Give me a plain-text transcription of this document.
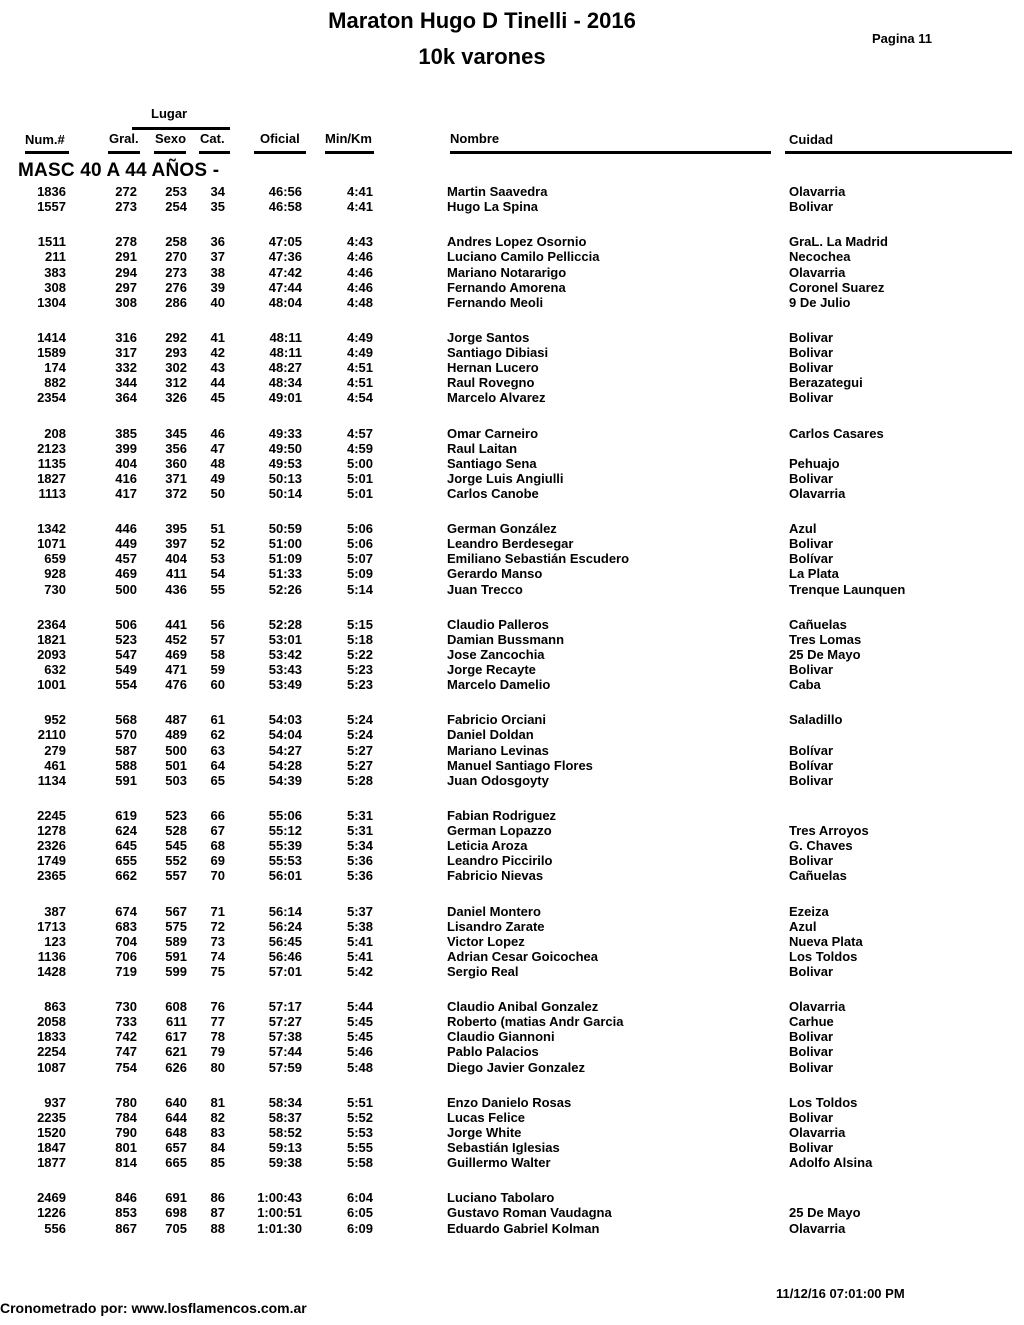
Maraton Hugo D Tinelli - 2016
10k varones
Pagina 11
Lugar
Num.#	Gral. Sexo Cat.	Oficial Min/Km	Nombre	Cuidad
MASC 40 A 44 AÑOS -
1836	272	253	34	46:56	4:41	Martin Saavedra	Olavarria
1557	273	254	35	46:58	4:41	Hugo La Spina	Bolivar
1511	278	258	36	47:05	4:43	Andres Lopez Osornio	GraL. La Madrid
211	291	270	37	47:36	4:46	Luciano Camilo Pelliccia	Necochea
383	294	273	38	47:42	4:46	Mariano Notararigo	Olavarria
308	297	276	39	47:44	4:46	Fernando Amorena	Coronel Suarez
1304	308	286	40	48:04	4:48	Fernando Meoli	9 De Julio
1414	316	292	41	48:11	4:49	Jorge Santos	Bolivar
1589	317	293	42	48:11	4:49	Santiago Dibiasi	Bolivar
174	332	302	43	48:27	4:51	Hernan Lucero	Bolivar
882	344	312	44	48:34	4:51	Raul Rovegno	Berazategui
2354	364	326	45	49:01	4:54	Marcelo Alvarez	Bolivar
208	385	345	46	49:33	4:57	Omar Carneiro	Carlos Casares
2123	399	356	47	49:50	4:59	Raul Laitan
1135	404	360	48	49:53	5:00	Santiago Sena	Pehuajo
1827	416	371	49	50:13	5:01	Jorge Luis Angiulli	Bolivar
1113	417	372	50	50:14	5:01	Carlos Canobe	Olavarria
1342	446	395	51	50:59	5:06	German González	Azul
1071	449	397	52	51:00	5:06	Leandro Berdesegar	Bolivar
659	457	404	53	51:09	5:07	Emiliano Sebastián Escudero	Bolívar
928	469	411	54	51:33	5:09	Gerardo Manso	La Plata
730	500	436	55	52:26	5:14	Juan Trecco	Trenque Launquen
2364	506	441	56	52:28	5:15	Claudio Palleros	Cañuelas
1821	523	452	57	53:01	5:18	Damian Bussmann	Tres Lomas
2093	547	469	58	53:42	5:22	Jose Zancochia	25 De Mayo
632	549	471	59	53:43	5:23	Jorge Recayte	Bolivar
1001	554	476	60	53:49	5:23	Marcelo Damelio	Caba
952	568	487	61	54:03	5:24	Fabricio Orciani	Saladillo
2110	570	489	62	54:04	5:24	Daniel Doldan
279	587	500	63	54:27	5:27	Mariano Levinas	Bolívar
461	588	501	64	54:28	5:27	Manuel Santiago Flores	Bolívar
1134	591	503	65	54:39	5:28	Juan Odosgoyty	Bolivar
2245	619	523	66	55:06	5:31	Fabian Rodriguez
1278	624	528	67	55:12	5:31	German Lopazzo	Tres Arroyos
2326	645	545	68	55:39	5:34	Leticia Aroza	G. Chaves
1749	655	552	69	55:53	5:36	Leandro Piccirilo	Bolivar
2365	662	557	70	56:01	5:36	Fabricio Nievas	Cañuelas
387	674	567	71	56:14	5:37	Daniel Montero	Ezeiza
1713	683	575	72	56:24	5:38	Lisandro Zarate	Azul
123	704	589	73	56:45	5:41	Victor Lopez	Nueva Plata
1136	706	591	74	56:46	5:41	Adrian Cesar Goicochea	Los Toldos
1428	719	599	75	57:01	5:42	Sergio Real	Bolivar
863	730	608	76	57:17	5:44	Claudio Anibal Gonzalez	Olavarria
2058	733	611	77	57:27	5:45	Roberto (matias Andr Garcia	Carhue
1833	742	617	78	57:38	5:45	Claudio Giannoni	Bolivar
2254	747	621	79	57:44	5:46	Pablo Palacios	Bolivar
1087	754	626	80	57:59	5:48	Diego Javier Gonzalez	Bolivar
937	780	640	81	58:34	5:51	Enzo Danielo Rosas	Los Toldos
2235	784	644	82	58:37	5:52	Lucas Felice	Bolivar
1520	790	648	83	58:52	5:53	Jorge White	Olavarria
1847	801	657	84	59:13	5:55	Sebastián Iglesias	Bolivar
1877	814	665	85	59:38	5:58	Guillermo Walter	Adolfo Alsina
2469	846	691	86	1:00:43	6:04	Luciano Tabolaro
1226	853	698	87	1:00:51	6:05	Gustavo Roman Vaudagna	25 De Mayo
556	867	705	88	1:01:30	6:09	Eduardo Gabriel Kolman	Olavarria
Cronometrado por: www.losflamencos.com.ar
11/12/16 07:01:00 PM
